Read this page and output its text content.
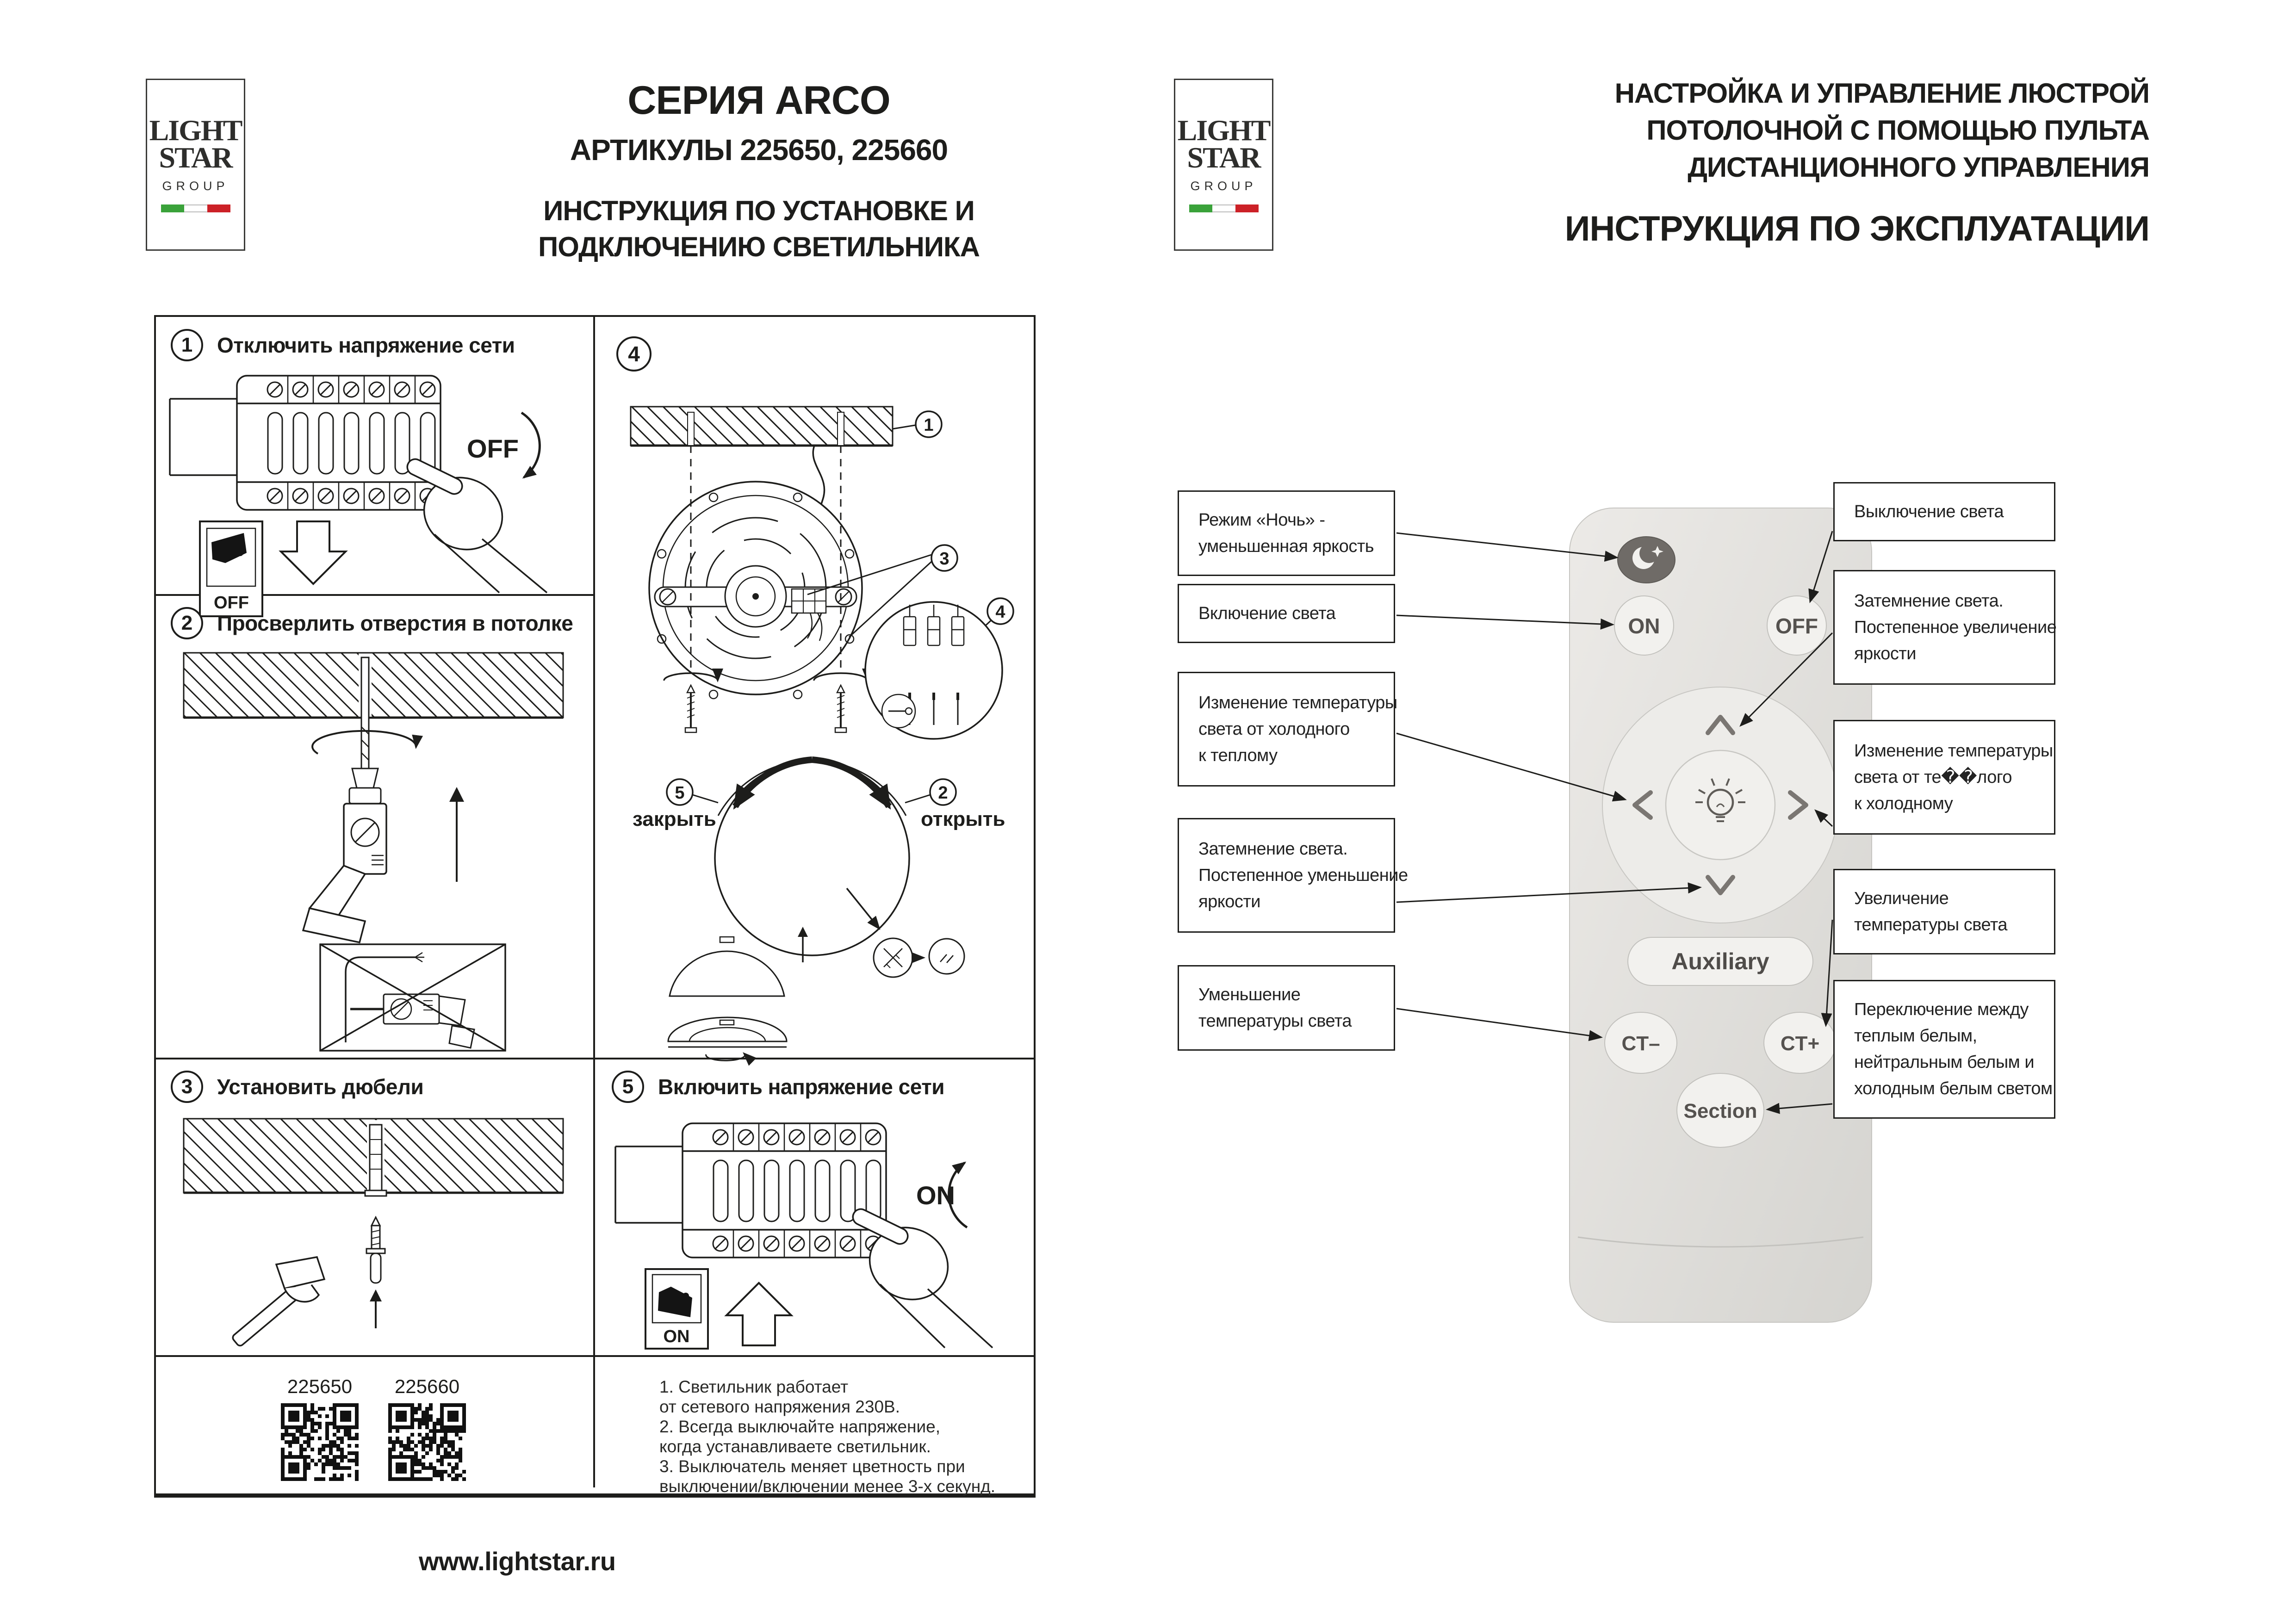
LIGHT
STAR
GROUP
СЕРИЯ ARCO
АРТИКУЛЫ 225650, 225660
ИНСТРУКЦИЯ ПО УСТАНОВКЕ И
ПОДКЛЮЧЕНИЮ СВЕТИЛЬНИКА
LIGHT
STAR
GROUP
НАСТРОЙКА И УПРАВЛЕНИЕ ЛЮСТРОЙ
ПОТОЛОЧНОЙ С ПОМОЩЬЮ ПУЛЬТА
ДИСТАНЦИОННОГО УПРАВЛЕНИЯ
ИНСТРУКЦИЯ ПО ЭКСПЛУАТАЦИИ
1	Отключить напряжение сети
OFF
OFF
2	Просверлить отверстия в потолке
3	Установить дюбели
4
1
3
4
5	2
закрыть	открыть
5	Включить напряжение сети
ON
ON
225650	225660	1. Светильник работает
от сетевого напряжения 230В.
2. Всегда выключайте напряжение,
когда устанавливаете светильник.
3. Выключатель меняет цветность при
выключении/включении менее 3-х секунд.
ON	OFF
Auxiliary
CT–	CT+
Section
Режим «Ночь» -
уменьшенная яркость
Включение света
Изменение температуры
света от холодного
к теплому
Затемнение света.
Постепенное уменьшение
яркости
Уменьшение
температуры света
Выключение света
Затемнение света.
Постепенное увеличение
яркости
Изменение температуры
света от те��лого
к холодному
Увеличение
температуры света
Переключение между
теплым белым,
нейтральным белым и
холодным белым светом
www.lightstar.ru
